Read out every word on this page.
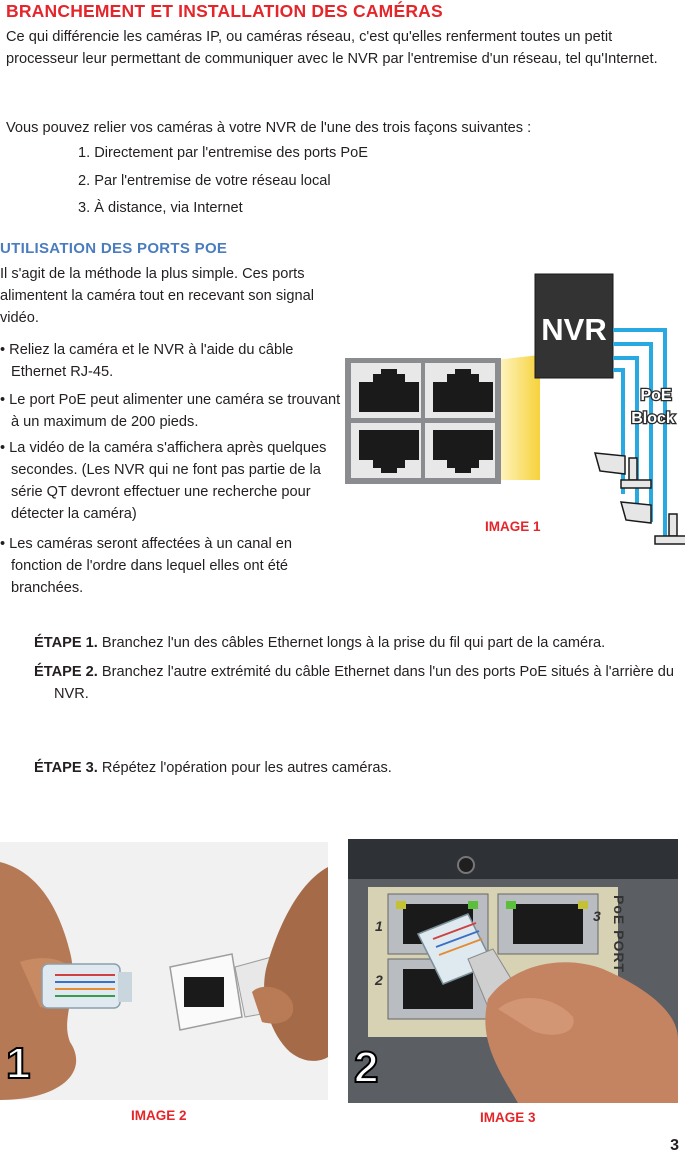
BRANCHEMENT ET INSTALLATION DES CAMÉRAS
Ce qui différencie les caméras IP, ou caméras réseau, c'est qu'elles renferment toutes un petit processeur leur permettant de communiquer avec le NVR par l'entremise d'un réseau, tel qu'Internet.
Vous pouvez relier vos caméras à votre NVR de l'une des trois façons suivantes :
1. Directement par l'entremise des ports PoE
2. Par l'entremise de votre réseau local
3. À distance, via Internet
UTILISATION DES PORTS POE
Il s'agit de la méthode la plus simple. Ces ports alimentent la caméra tout en recevant son signal vidéo.
• Reliez la caméra et le NVR à l'aide du câble Ethernet RJ-45.
• Le port PoE peut alimenter une caméra se trouvant à un maximum de 200 pieds.
• La vidéo de la caméra s'affichera après quelques secondes. (Les NVR qui ne font pas partie de la série QT devront effectuer une recherche pour détecter la caméra)
• Les caméras seront affectées à un canal en fonction de l'ordre dans lequel elles ont été branchées.
NVR
PoE
Block
IMAGE 1
ÉTAPE 1. Branchez l'un des câbles Ethernet longs à la prise du fil qui part de la caméra.
ÉTAPE 2. Branchez l'autre extrémité du câble Ethernet dans l'un des ports PoE situés à l'arrière du NVR.
ÉTAPE 3. Répétez l'opération pour les autres caméras.
1
IMAGE 2
1
2
3 PoE PORT
2
IMAGE 3
3
